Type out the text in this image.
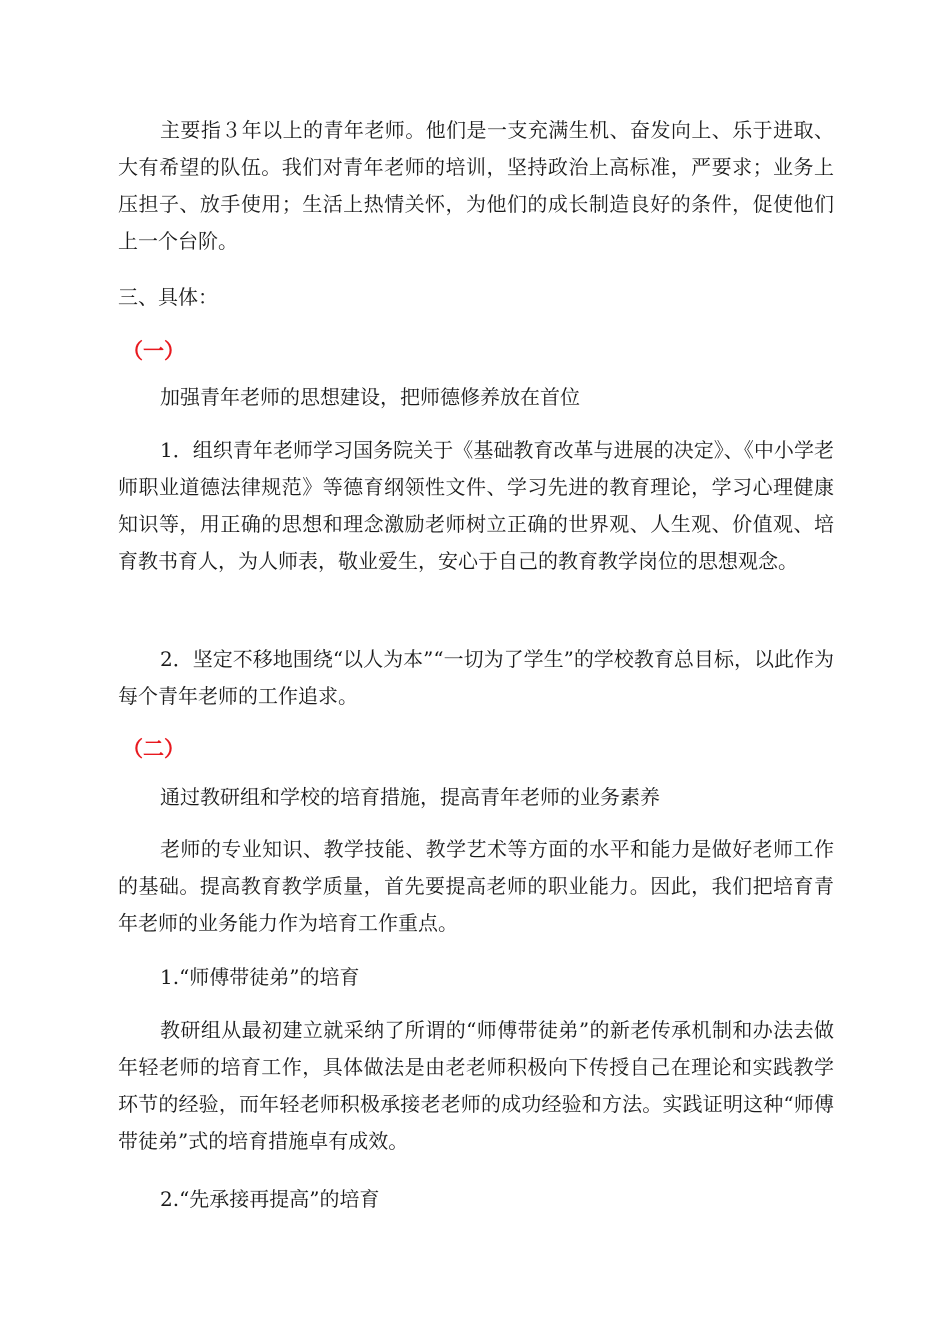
主要指３年以上的青年老师。他们是一支充满生机、奋发向上、乐于进取、大有希望的队伍。我们对青年老师的培训，坚持政治上高标准，严要求；业务上压担子、放手使用；生活上热情关怀，为他们的成长制造良好的条件，促使他们上一个台阶。

三、具体：

（一）

加强青年老师的思想建设，把师德修养放在首位

1．组织青年老师学习国务院关于《基础教育改革与进展的决定》、《中小学老师职业道德法律规范》等德育纲领性文件、学习先进的教育理论，学习心理健康知识等，用正确的思想和理念激励老师树立正确的世界观、人生观、价值观、培育教书育人，为人师表，敬业爱生，安心于自己的教育教学岗位的思想观念。

2．坚定不移地围绕“以人为本”“一切为了学生”的学校教育总目标，以此作为每个青年老师的工作追求。

（二）

通过教研组和学校的培育措施，提高青年老师的业务素养

老师的专业知识、教学技能、教学艺术等方面的水平和能力是做好老师工作的基础。提高教育教学质量，首先要提高老师的职业能力。因此，我们把培育青年老师的业务能力作为培育工作重点。

1.“师傅带徒弟”的培育

教研组从最初建立就采纳了所谓的“师傅带徒弟”的新老传承机制和办法去做年轻老师的培育工作，具体做法是由老老师积极向下传授自己在理论和实践教学环节的经验，而年轻老师积极承接老老师的成功经验和方法。实践证明这种“师傅带徒弟”式的培育措施卓有成效。

2.“先承接再提高”的培育
